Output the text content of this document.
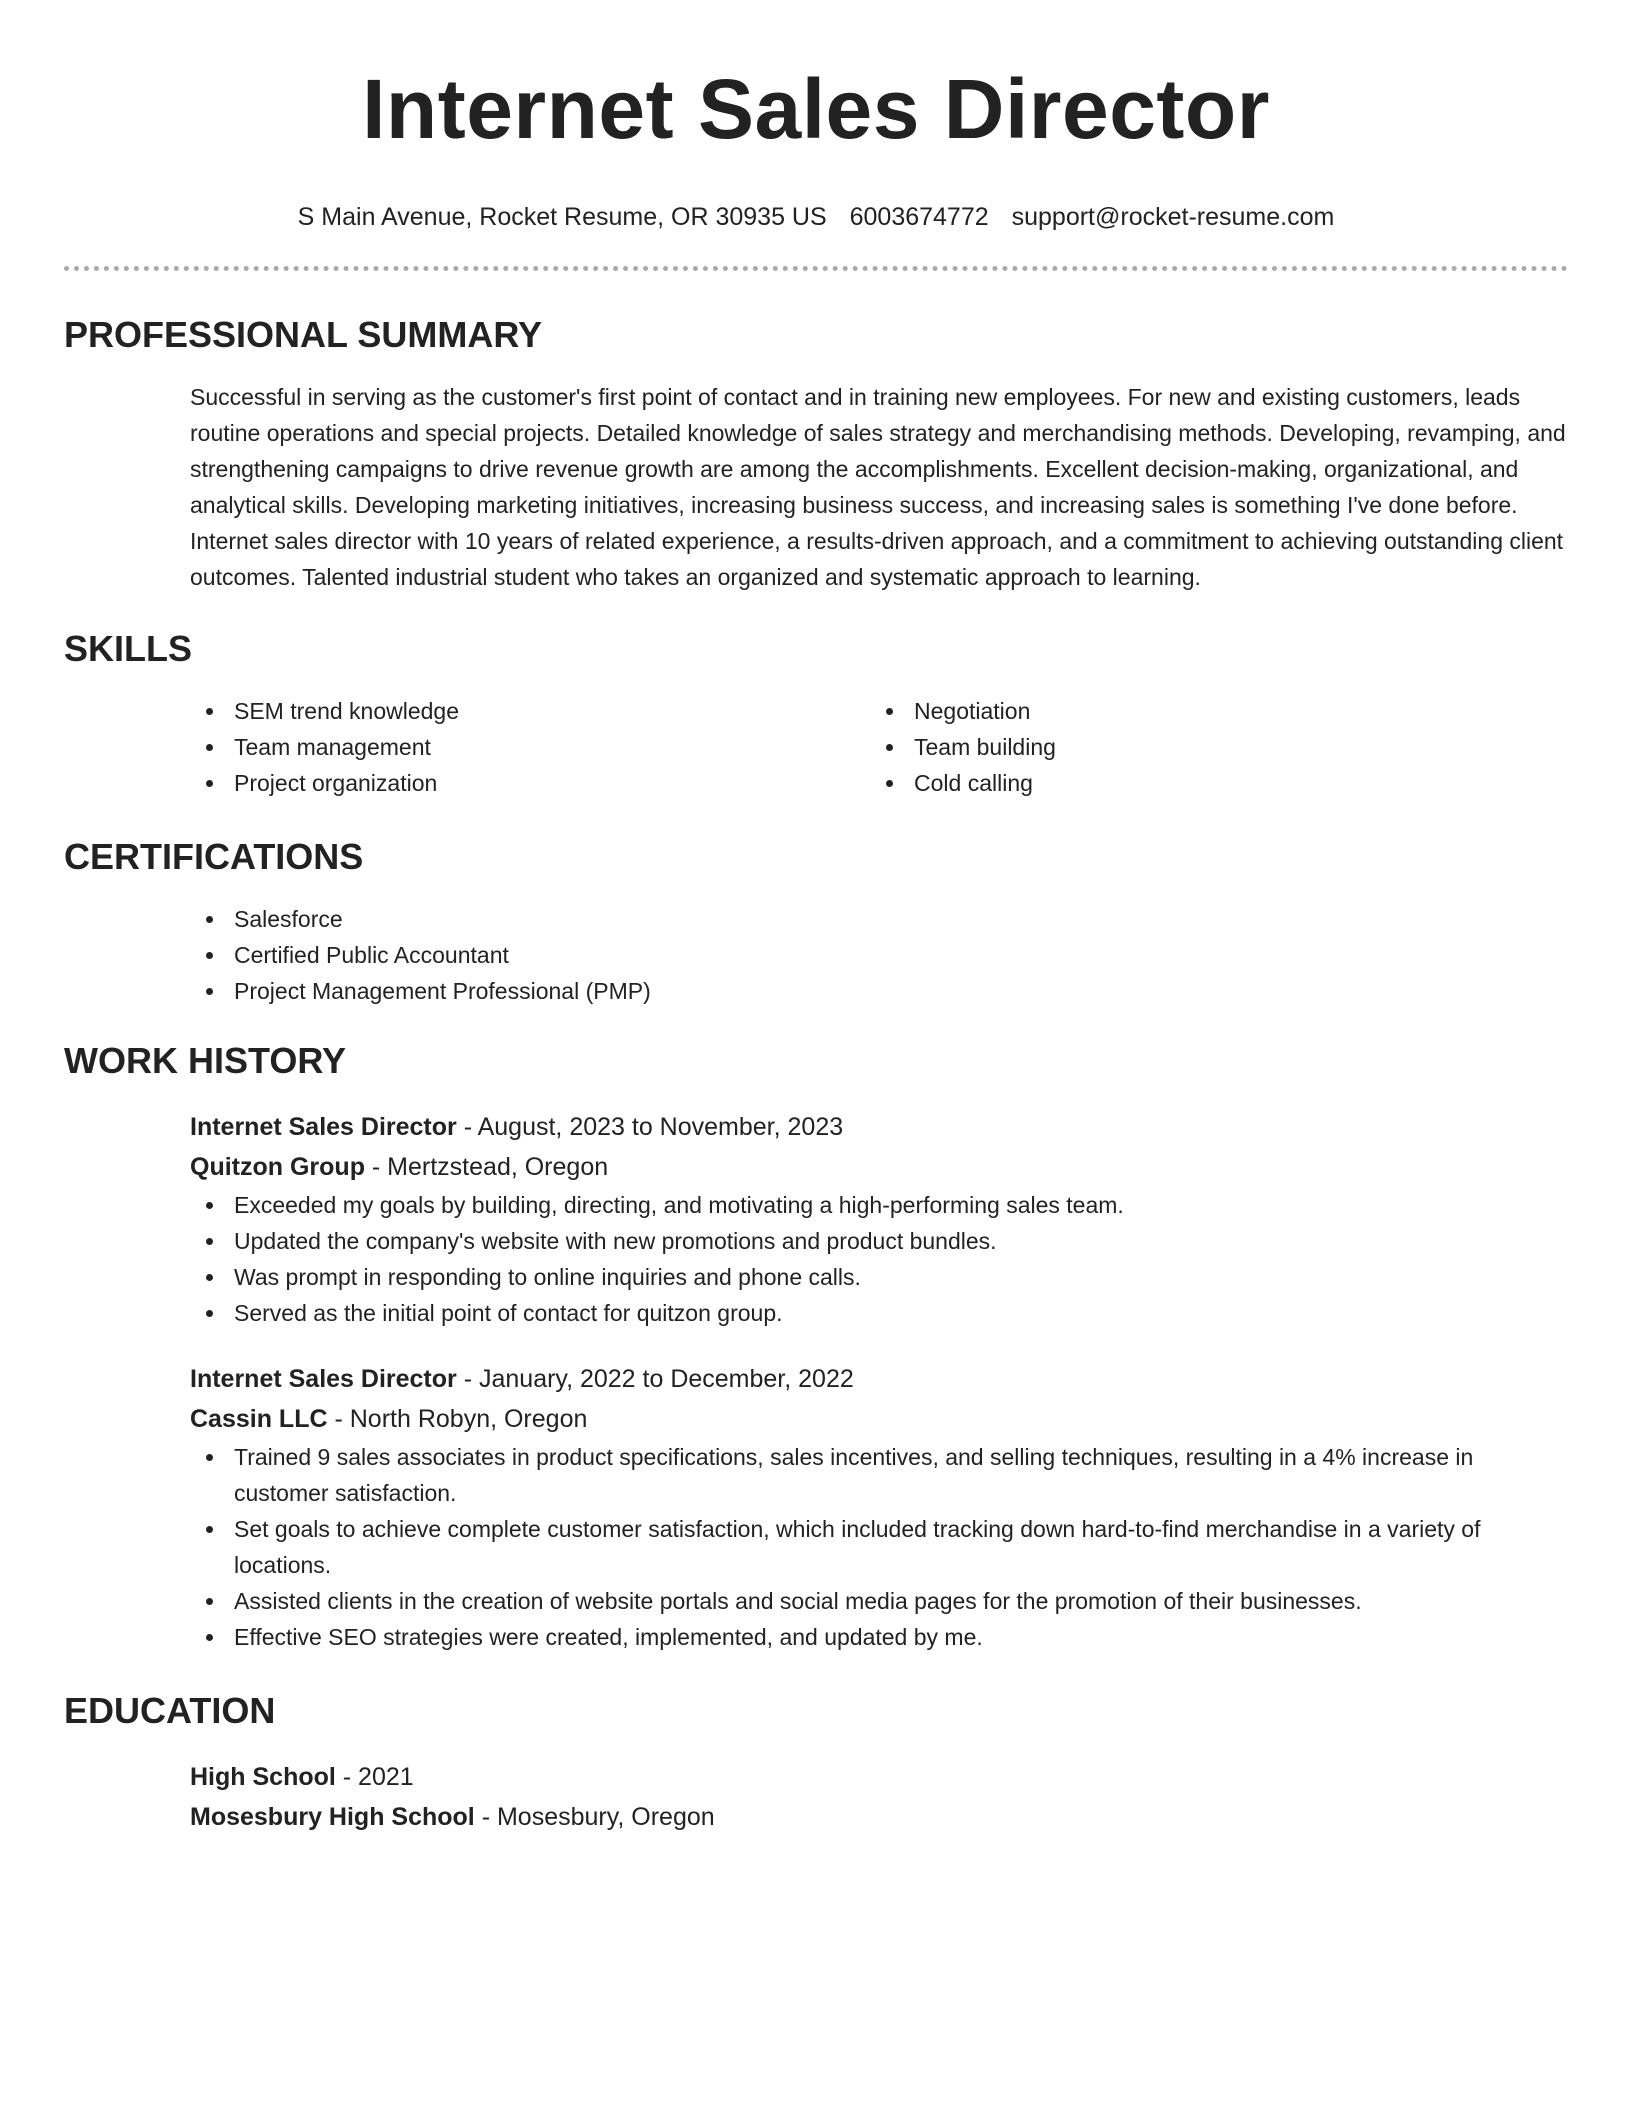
Internet Sales Director
S Main Avenue, Rocket Resume, OR 30935 US 6003674772 support@rocket-resume.com
PROFESSIONAL SUMMARY

Successful in serving as the customer's first point of contact and in training new employees. For new and existing customers, leads routine operations and special projects. Detailed knowledge of sales strategy and merchandising methods. Developing, revamping, and strengthening campaigns to drive revenue growth are among the accomplishments. Excellent decision-making, organizational, and analytical skills. Developing marketing initiatives, increasing business success, and increasing sales is something I've done before. Internet sales director with 10 years of related experience, a results-driven approach, and a commitment to achieving outstanding client outcomes. Talented industrial student who takes an organized and systematic approach to learning.

SKILLS
SEM trend knowledge
Team management
Project organization
Negotiation
Team building
Cold calling
CERTIFICATIONS
Salesforce
Certified Public Accountant
Project Management Professional (PMP)
WORK HISTORY
Internet Sales Director - August, 2023 to November, 2023
Quitzon Group - Mertzstead, Oregon
Exceeded my goals by building, directing, and motivating a high-performing sales team.
Updated the company's website with new promotions and product bundles.
Was prompt in responding to online inquiries and phone calls.
Served as the initial point of contact for quitzon group.
Internet Sales Director - January, 2022 to December, 2022
Cassin LLC - North Robyn, Oregon
Trained 9 sales associates in product specifications, sales incentives, and selling techniques, resulting in a 4% increase in customer satisfaction.
Set goals to achieve complete customer satisfaction, which included tracking down hard-to-find merchandise in a variety of locations.
Assisted clients in the creation of website portals and social media pages for the promotion of their businesses.
Effective SEO strategies were created, implemented, and updated by me.
EDUCATION
High School - 2021
Mosesbury High School - Mosesbury, Oregon
